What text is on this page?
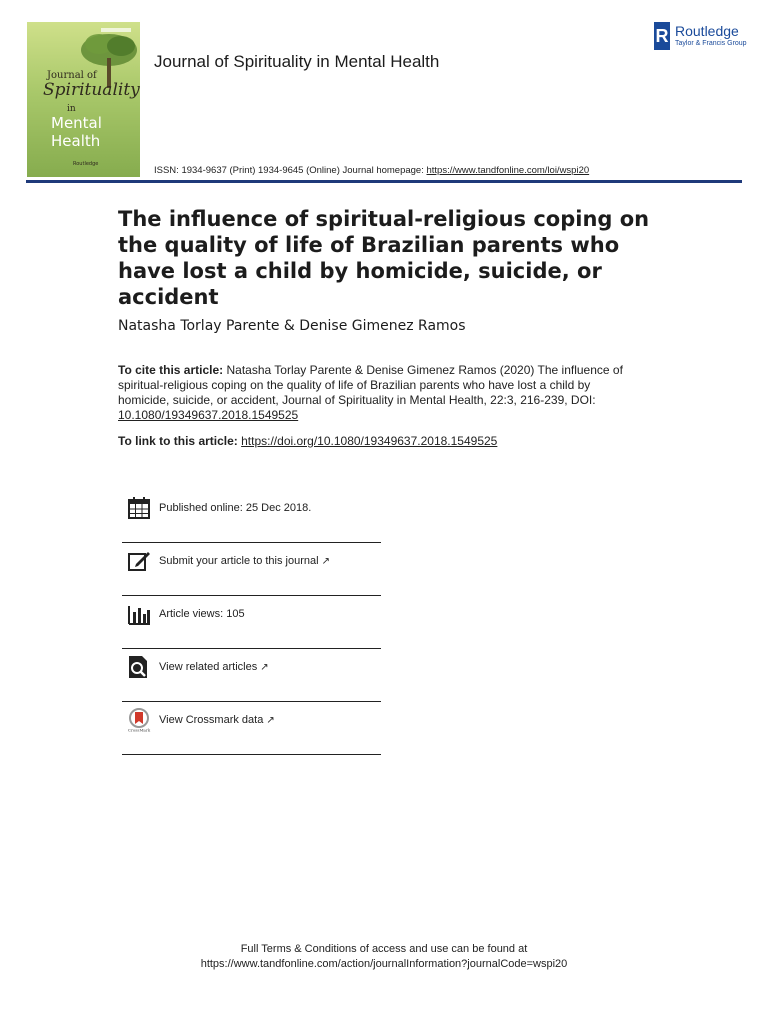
Journal of
Spirituality
in
Mental
Health
Routledge
Journal of Spirituality in Mental Health
R Routledge
Taylor & Francis Group
ISSN: 1934-9637 (Print) 1934-9645 (Online) Journal homepage: https://www.tandfonline.com/loi/wspi20
The influence of spiritual-religious coping on the quality of life of Brazilian parents who have lost a child by homicide, suicide, or accident
Natasha Torlay Parente & Denise Gimenez Ramos
To cite this article: Natasha Torlay Parente & Denise Gimenez Ramos (2020) The influence of spiritual-religious coping on the quality of life of Brazilian parents who have lost a child by homicide, suicide, or accident, Journal of Spirituality in Mental Health, 22:3, 216-239, DOI: 10.1080/19349637.2018.1549525
To link to this article: https://doi.org/10.1080/19349637.2018.1549525
Published online: 25 Dec 2018.
Submit your article to this journal ↗
Article views: 105
View related articles ↗
CrossMark
View Crossmark data ↗
Full Terms & Conditions of access and use can be found at
https://www.tandfonline.com/action/journalInformation?journalCode=wspi20
